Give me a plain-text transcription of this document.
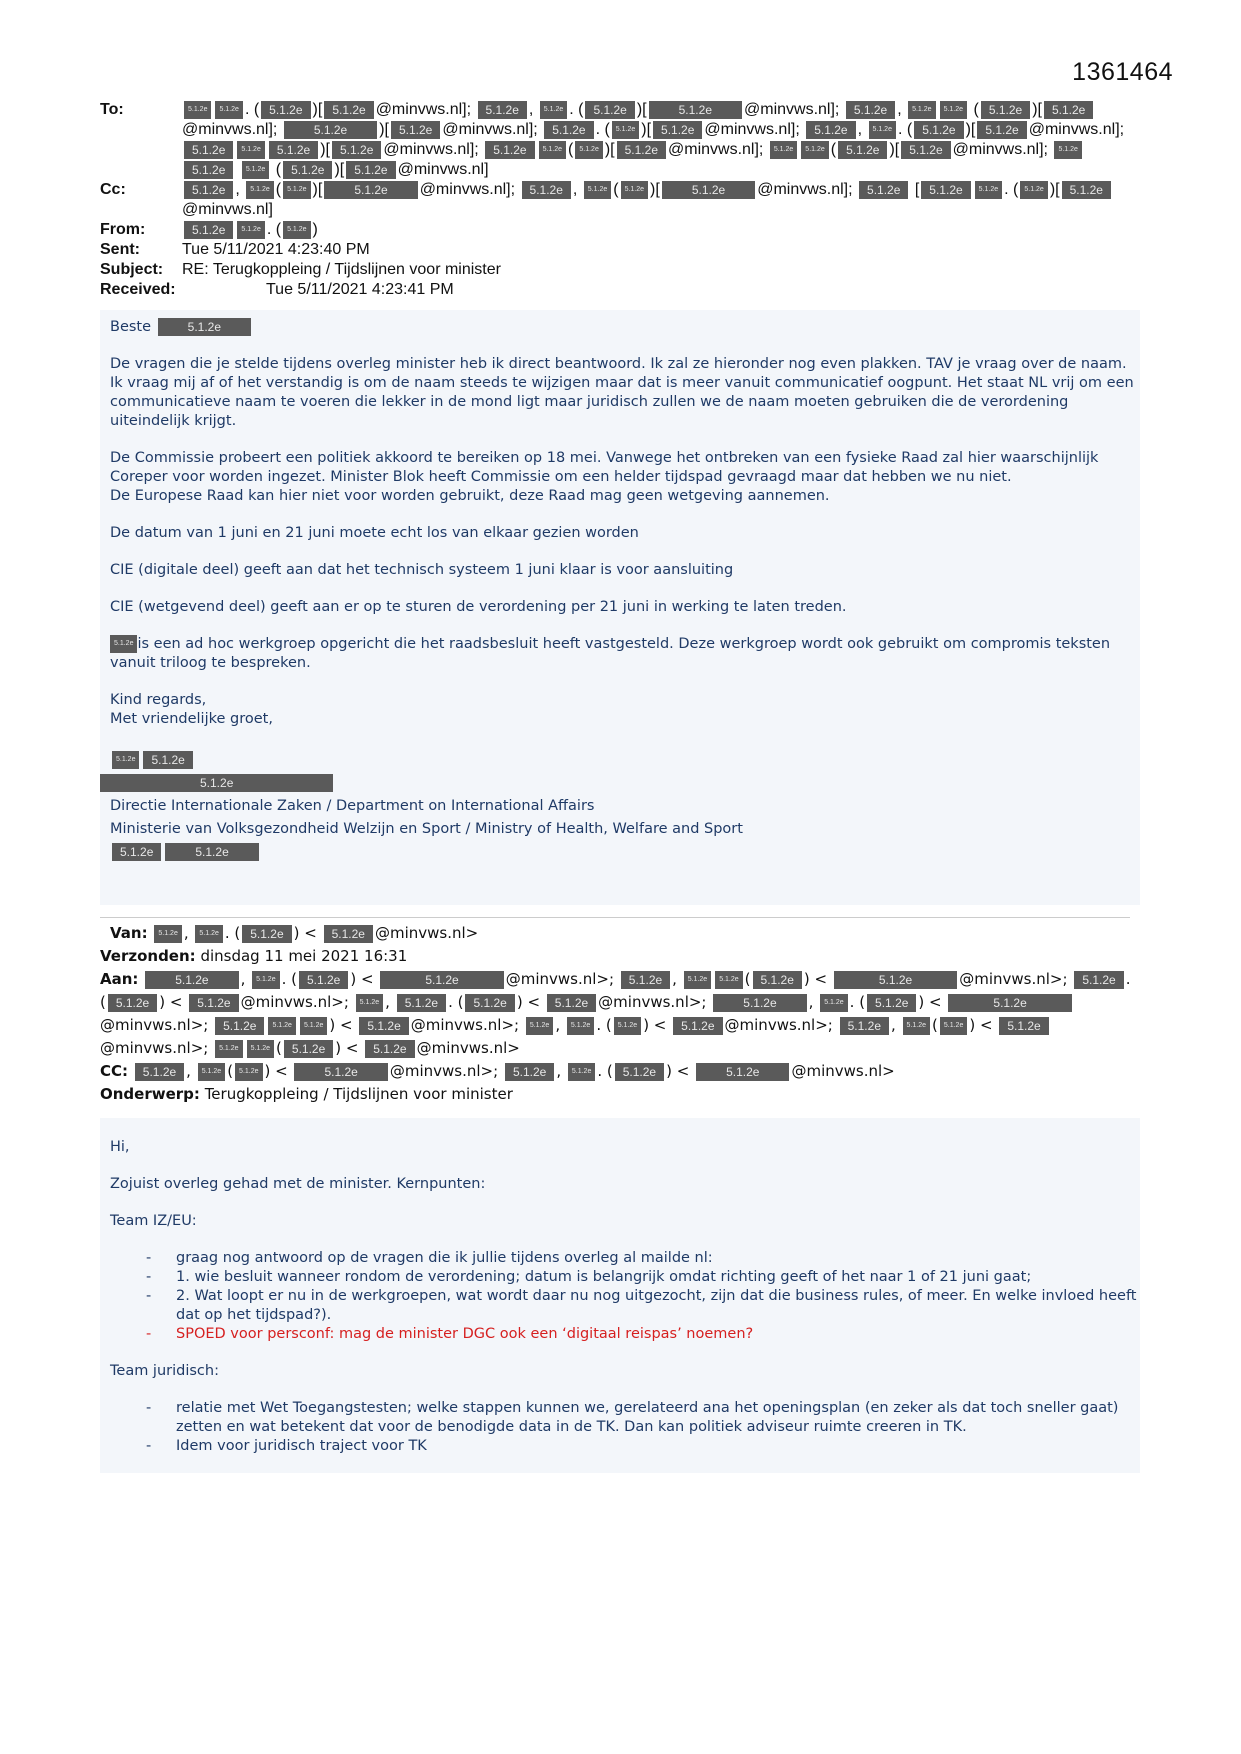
1361464
To:	5.1.2e 5.1.2e . ( 5.1.2e )[ 5.1.2e @minvws.nl]; 5.1.2e , 5.1.2e . ( 5.1.2e )[	5.1.2e @minvws.nl]; 5.1.2e , 5.1.2e 5.1.2e ( 5.1.2e )[ 5.1.2e@minvws.nl];	5.1.2e )[ 5.1.2e @minvws.nl]; 5.1.2e . ( 5.1.2e )[ 5.1.2e @minvws.nl]; 5.1.2e , 5.1.2e . ( 5.1.2e )[ 5.1.2e @minvws.nl]; 5.1.2e 5.1.2e 5.1.2e )[ 5.1.2e @minvws.nl]; 5.1.2e 5.1.2e ( 5.1.2e )[ 5.1.2e @minvws.nl]; 5.1.2e 5.1.2e ( 5.1.2e )[ 5.1.2e @minvws.nl]; 5.1.2e 5.1.2e	5.1.2e ( 5.1.2e )[ 5.1.2e @minvws.nl]
Cc:	5.1.2e , 5.1.2e ( 5.1.2e )[	5.1.2e @minvws.nl]; 5.1.2e , 5.1.2e ( 5.1.2e )[	5.1.2e @minvws.nl]; 5.1.2e [ 5.1.2e 5.1.2e . ( 5.1.2e )[ 5.1.2e@minvws.nl]
From:	5.1.2e 5.1.2e . ( 5.1.2e )
Sent:	Tue 5/11/2021 4:23:40 PM
Subject:	RE: Terugkoppleing / Tijdslijnen voor minister
Received:	Tue 5/11/2021 4:23:41 PM

Beste	5.1.2e

De vragen die je stelde tijdens overleg minister heb ik direct beantwoord. Ik zal ze hieronder nog even plakken. TAV je vraag over de naam. Ik vraag mij af of het verstandig is om de naam steeds te wijzigen maar dat is meer vanuit communicatief oogpunt. Het staat NL vrij om een communicatieve naam te voeren die lekker in de mond ligt maar juridisch zullen we de naam moeten gebruiken die de verordening uiteindelijk krijgt.

De Commissie probeert een politiek akkoord te bereiken op 18 mei. Vanwege het ontbreken van een fysieke Raad zal hier waarschijnlijk Coreper voor worden ingezet. Minister Blok heeft Commissie om een helder tijdspad gevraagd maar dat hebben we nu niet.

De Europese Raad kan hier niet voor worden gebruikt, deze Raad mag geen wetgeving aannemen.

De datum van 1 juni en 21 juni moete echt los van elkaar gezien worden

CIE (digitale deel) geeft aan dat het technisch systeem 1 juni klaar is voor aansluiting

CIE (wetgevend deel) geeft aan er op te sturen de verordening per 21 juni in werking te laten treden.

5.1.2e is een ad hoc werkgroep opgericht die het raadsbesluit heeft vastgesteld. Deze werkgroep wordt ook gebruikt om compromis teksten vanuit triloog te bespreken.

Kind regards,

Met vriendelijke groet,

5.1.2e 5.1.2e

5.1.2e

Directie Internationale Zaken / Department on International Affairs

Ministerie van Volksgezondheid Welzijn en Sport / Ministry of Health, Welfare and Sport

5.1.2e	5.1.2e

Van: 5.1.2e , 5.1.2e . ( 5.1.2e ) < 5.1.2e @minvws.nl>
Verzonden: dinsdag 11 mei 2021 16:31
Aan:	5.1.2e , 5.1.2e . ( 5.1.2e ) <	5.1.2e	@minvws.nl>; 5.1.2e , 5.1.2e 5.1.2e ( 5.1.2e ) <	5.1.2e	@minvws.nl>; 5.1.2e . ( 5.1.2e ) < 5.1.2e @minvws.nl>; 5.1.2e , 5.1.2e . ( 5.1.2e ) < 5.1.2e @minvws.nl>;	5.1.2e , 5.1.2e . ( 5.1.2e ) <	5.1.2e@minvws.nl>; 5.1.2e 5.1.2e 5.1.2e ) < 5.1.2e @minvws.nl>; 5.1.2e , 5.1.2e . ( 5.1.2e ) < 5.1.2e @minvws.nl>; 5.1.2e , 5.1.2e ( 5.1.2e ) < 5.1.2e@minvws.nl>; 5.1.2e 5.1.2e ( 5.1.2e ) < 5.1.2e @minvws.nl>
CC: 5.1.2e , 5.1.2e ( 5.1.2e ) <	5.1.2e @minvws.nl>; 5.1.2e , 5.1.2e . ( 5.1.2e ) <	5.1.2e @minvws.nl>
Onderwerp: Terugkoppleing / Tijdslijnen voor minister

Hi,

Zojuist overleg gehad met de minister. Kernpunten:

Team IZ/EU:

- graag nog antwoord op de vragen die ik jullie tijdens overleg al mailde nl:
- 1. wie besluit wanneer rondom de verordening; datum is belangrijk omdat richting geeft of het naar 1 of 21 juni gaat;
- 2. Wat loopt er nu in de werkgroepen, wat wordt daar nu nog uitgezocht, zijn dat die business rules, of meer. En welke invloed heeft dat op het tijdspad?).
- SPOED voor persconf: mag de minister DGC ook een ‘digitaal reispas’ noemen?

Team juridisch:

- relatie met Wet Toegangstesten; welke stappen kunnen we, gerelateerd ana het openingsplan (en zeker als dat toch sneller gaat) zetten en wat betekent dat voor de benodigde data in de TK. Dan kan politiek adviseur ruimte creeren in TK.
- Idem voor juridisch traject voor TK
